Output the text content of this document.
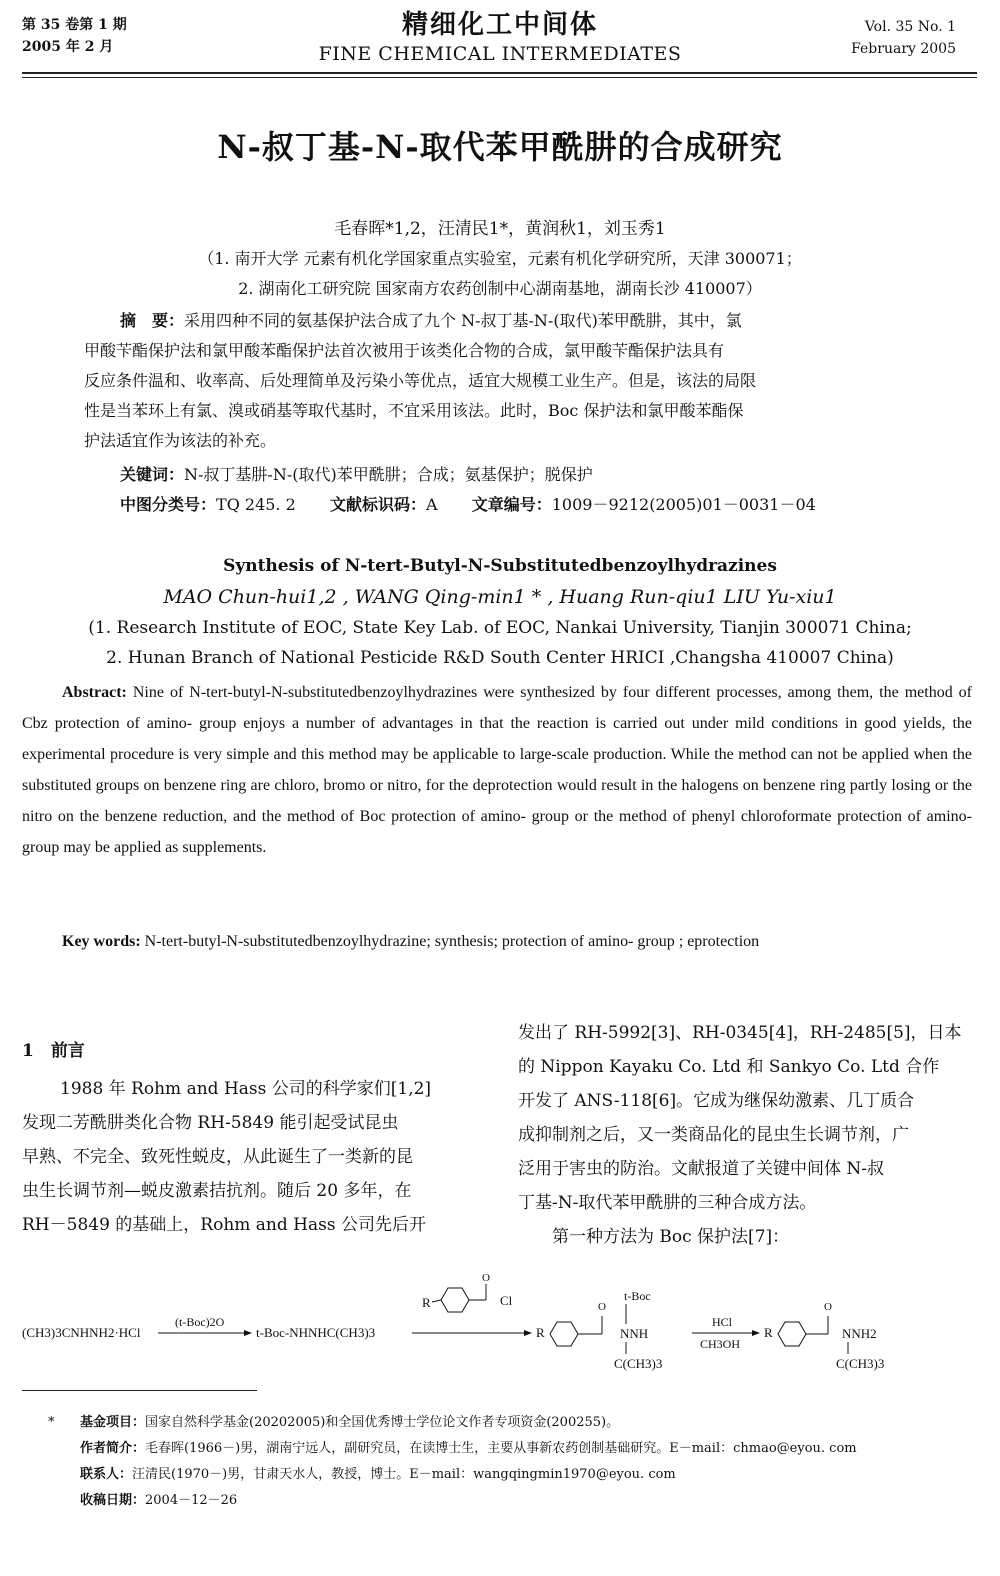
第 35 卷第 1 期
2005 年 2 月
精细化工中间体
FINE CHEMICAL INTERMEDIATES
Vol. 35 No. 1
February 2005
N-叔丁基-N-取代苯甲酰肼的合成研究
毛春晖*1,2，汪清民1*，黄润秋1，刘玉秀1
（1. 南开大学 元素有机化学国家重点实验室，元素有机化学研究所，天津 300071；
2. 湖南化工研究院 国家南方农药创制中心湖南基地，湖南长沙 410007）
摘　要：采用四种不同的氨基保护法合成了九个 N-叔丁基-N-(取代)苯甲酰肼，其中，氯
甲酸苄酯保护法和氯甲酸苯酯保护法首次被用于该类化合物的合成，氯甲酸苄酯保护法具有
反应条件温和、收率高、后处理简单及污染小等优点，适宜大规模工业生产。但是，该法的局限
性是当苯环上有氯、溴或硝基等取代基时，不宜采用该法。此时，Boc 保护法和氯甲酸苯酯保
护法适宜作为该法的补充。
关键词：N-叔丁基肼-N-(取代)苯甲酰肼；合成；氨基保护；脱保护
中图分类号：TQ 245. 2 文献标识码：A 文章编号：1009－9212(2005)01－0031－04
Synthesis of N-tert-Butyl-N-Substitutedbenzoylhydrazines
MAO Chun-hui1,2 , WANG Qing-min1 * , Huang Run-qiu1 LIU Yu-xiu1
(1. Research Institute of EOC, State Key Lab. of EOC, Nankai University, Tianjin 300071 China;
2. Hunan Branch of National Pesticide R&D South Center HRICI ,Changsha 410007 China)
Abstract: Nine of N-tert-butyl-N-substitutedbenzoylhydrazines were synthesized by four different processes, among them, the method of Cbz protection of amino- group enjoys a number of advantages in that the reaction is carried out under mild conditions in good yields, the experimental procedure is very simple and this method may be applicable to large-scale production. While the method can not be applied when the substituted groups on benzene ring are chloro, bromo or nitro, for the deprotection would result in the halogens on benzene ring partly losing or the nitro on the benzene reduction, and the method of Boc protection of amino- group or the method of phenyl chloroformate protection of amino- group may be applied as supplements.
Key words: N-tert-butyl-N-substitutedbenzoylhydrazine; synthesis; protection of amino- group ; eprotection
1　前言
1988 年 Rohm and Hass 公司的科学家们[1,2]
发现二芳酰肼类化合物 RH-5849 能引起受试昆虫
早熟、不完全、致死性蜕皮，从此诞生了一类新的昆
虫生长调节剂—蜕皮激素拮抗剂。随后 20 多年，在
RH－5849 的基础上，Rohm and Hass 公司先后开
发出了 RH-5992[3]、RH-0345[4]，RH-2485[5]，日本
的 Nippon Kayaku Co. Ltd 和 Sankyo Co. Ltd 合作
开发了 ANS-118[6]。它成为继保幼激素、几丁质合
成抑制剂之后，又一类商品化的昆虫生长调节剂，广
泛用于害虫的防治。文献报道了关键中间体 N-叔
丁基-N-取代苯甲酰肼的三种合成方法。
　　第一种方法为 Boc 保护法[7]：
(CH3)3CNHNH2·HCl
(t-Boc)2O
t-Boc-NHNHC(CH3)3
R
O
Cl
R
O
NNH
t-Boc
C(CH3)3
HCl
CH3OH
R
O
NNH2
C(CH3)3
* 基金项目：国家自然科学基金(20202005)和全国优秀博士学位论文作者专项资金(200255)。
作者简介：毛春晖(1966－)男，湖南宁远人，副研究员，在读博士生，主要从事新农药创制基础研究。E－mail：chmao@eyou. com
联系人：汪清民(1970－)男，甘肃天水人，教授，博士。E－mail：wangqingmin1970@eyou. com
收稿日期：2004－12－26
